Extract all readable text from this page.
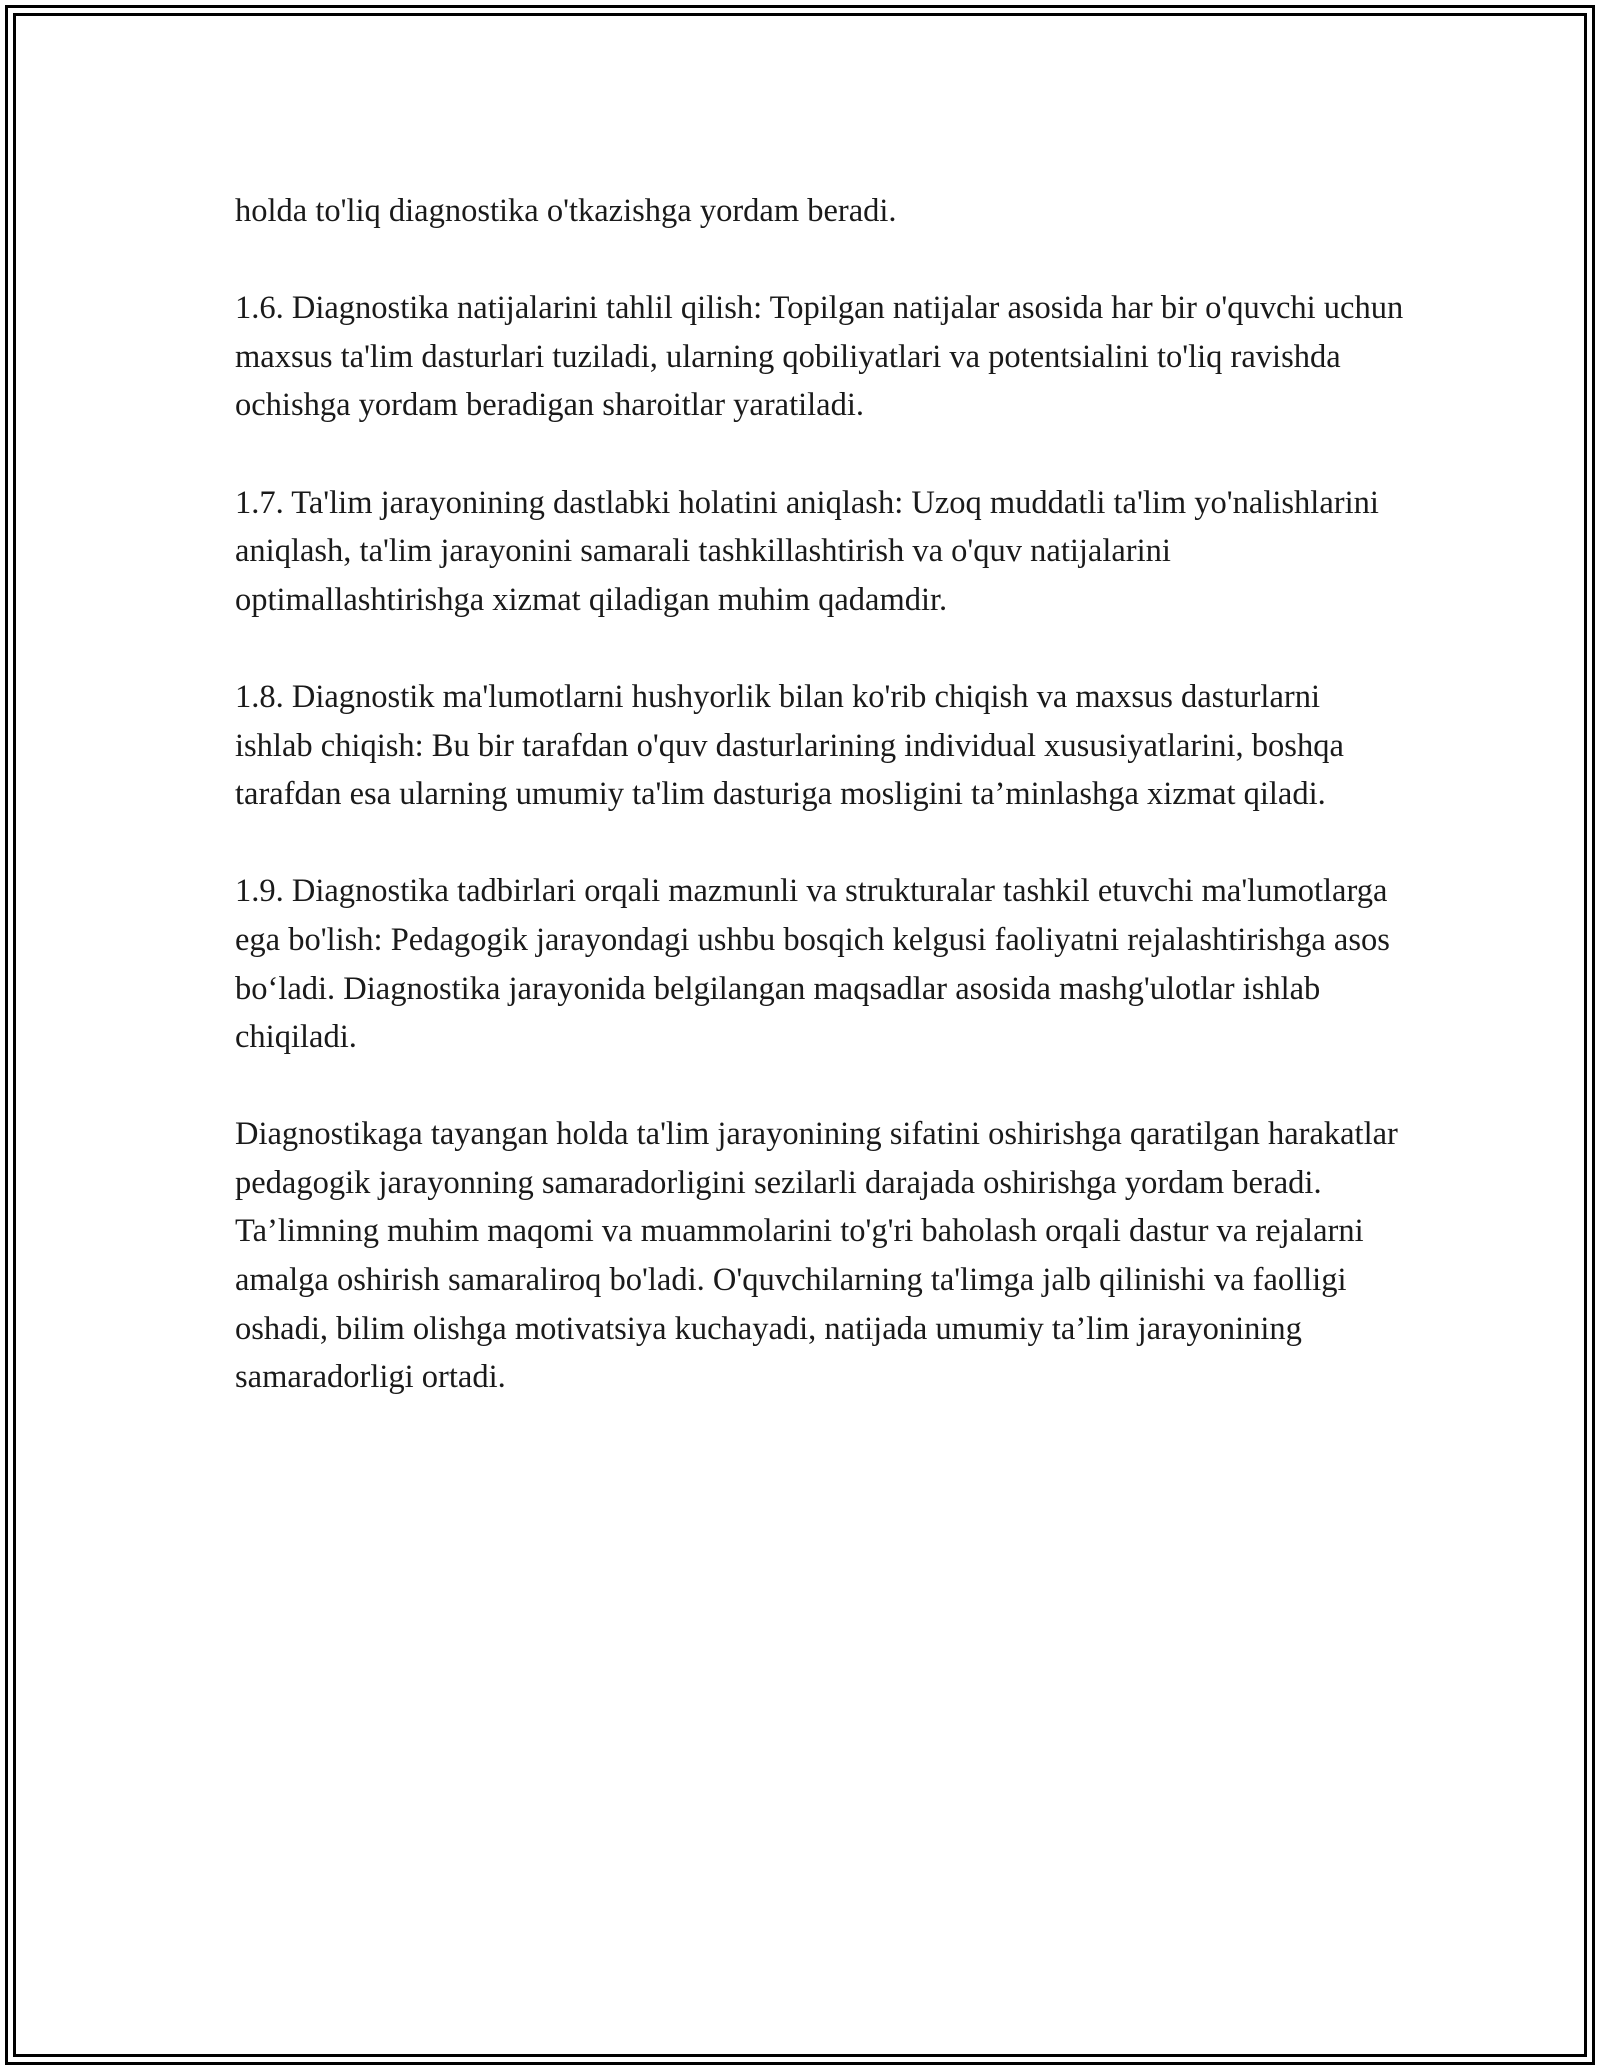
holda to'liq diagnostika o'tkazishga yordam beradi.

1.6. Diagnostika natijalarini tahlil qilish: Topilgan natijalar asosida har bir o'quvchi uchun maxsus ta'lim dasturlari tuziladi, ularning qobiliyatlari va potentsialini to'liq ravishda ochishga yordam beradigan sharoitlar yaratiladi.

1.7. Ta'lim jarayonining dastlabki holatini aniqlash: Uzoq muddatli ta'lim yo'nalishlarini aniqlash, ta'lim jarayonini samarali tashkillashtirish va o'quv natijalarini optimallashtirishga xizmat qiladigan muhim qadamdir.

1.8. Diagnostik ma'lumotlarni hushyorlik bilan ko'rib chiqish va maxsus dasturlarni ishlab chiqish: Bu bir tarafdan o'quv dasturlarining individual xususiyatlarini, boshqa tarafdan esa ularning umumiy ta'lim dasturiga mosligini ta’minlashga xizmat qiladi.

1.9. Diagnostika tadbirlari orqali mazmunli va strukturalar tashkil etuvchi ma'lumotlarga ega bo'lish: Pedagogik jarayondagi ushbu bosqich kelgusi faoliyatni rejalashtirishga asos bo‘ladi. Diagnostika jarayonida belgilangan maqsadlar asosida mashg'ulotlar ishlab chiqiladi.

Diagnostikaga tayangan holda ta'lim jarayonining sifatini oshirishga qaratilgan harakatlar pedagogik jarayonning samaradorligini sezilarli darajada oshirishga yordam beradi. Ta’limning muhim maqomi va muammolarini to'g'ri baholash orqali dastur va rejalarni amalga oshirish samaraliroq bo'ladi. O'quvchilarning ta'limga jalb qilinishi va faolligi oshadi, bilim olishga motivatsiya kuchayadi, natijada umumiy ta’lim jarayonining samaradorligi ortadi.
